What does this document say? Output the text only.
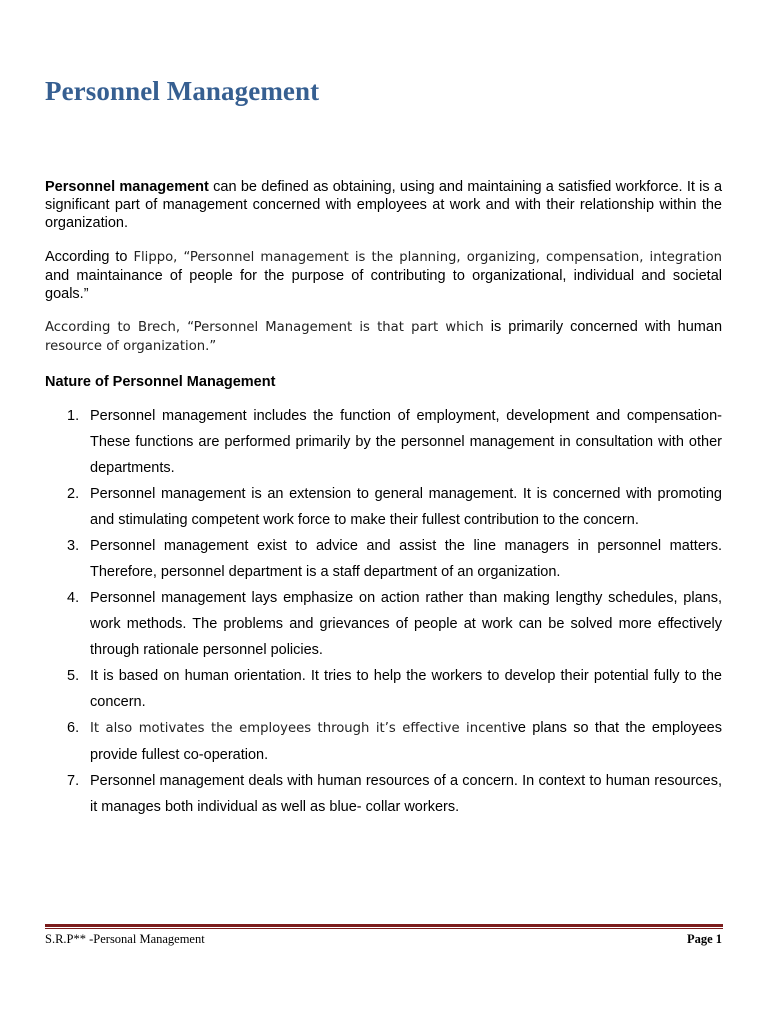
Personnel Management

Personnel management can be defined as obtaining, using and maintaining a satisfied workforce. It is a significant part of management concerned with employees at work and with their relationship within the organization.

According to Flippo, “Personnel management is the planning, organizing, compensation, integration and maintainance of people for the purpose of contributing to organizational, individual and societal goals.”

According to Brech, “Personnel Management is that part which is primarily concerned with human resource of organization.”

Nature of Personnel Management
1. Personnel management includes the function of employment, development and compensation- These functions are performed primarily by the personnel management in consultation with other departments.
2. Personnel management is an extension to general management. It is concerned with promoting and stimulating competent work force to make their fullest contribution to the concern.
3. Personnel management exist to advice and assist the line managers in personnel matters. Therefore, personnel department is a staff department of an organization.
4. Personnel management lays emphasize on action rather than making lengthy schedules, plans, work methods. The problems and grievances of people at work can be solved more effectively through rationale personnel policies.
5. It is based on human orientation. It tries to help the workers to develop their potential fully to the concern.
6. It also motivates the employees through it’s effective incentive plans so that the employees provide fullest co-operation.
7. Personnel management deals with human resources of a concern. In context to human resources, it manages both individual as well as blue- collar workers.

S.R.P** -Personal Management	Page 1
